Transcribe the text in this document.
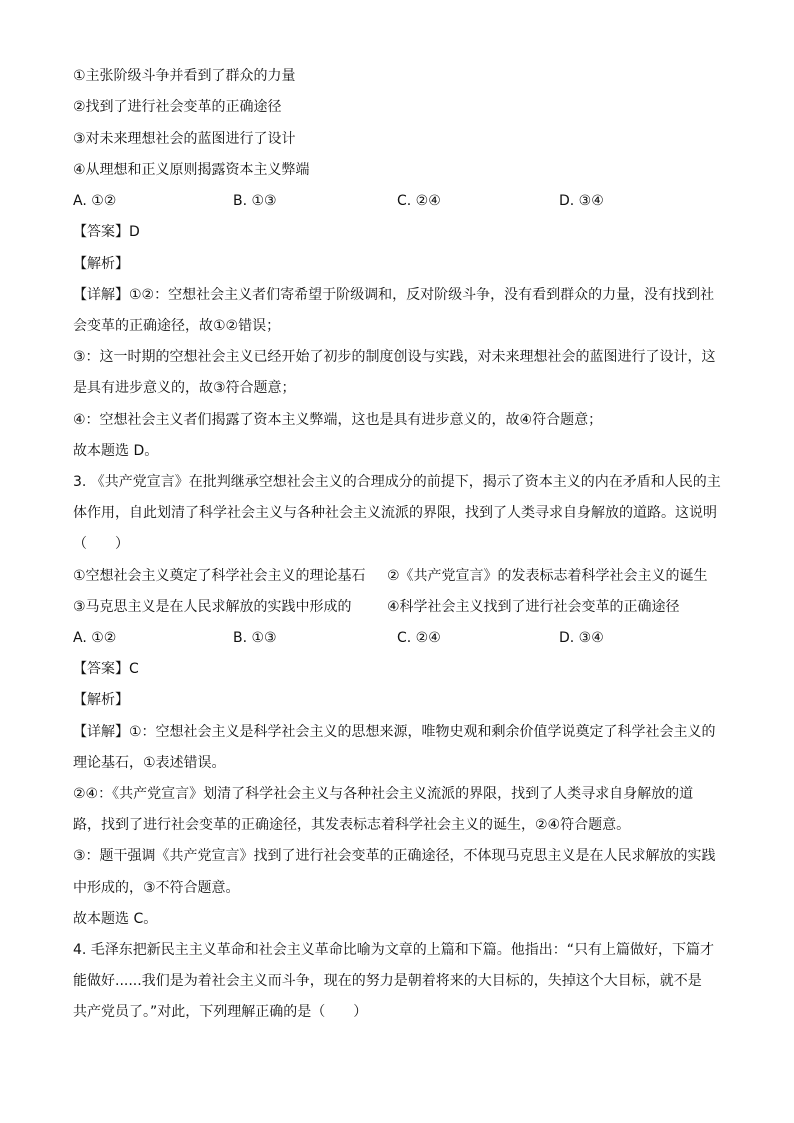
①主张阶级斗争并看到了群众的力量
②找到了进行社会变革的正确途径
③对未来理想社会的蓝图进行了设计
④从理想和正义原则揭露资本主义弊端
A. ①②	B. ①③	C. ②④	D. ③④
【答案】D
【解析】
【详解】①②：空想社会主义者们寄希望于阶级调和，反对阶级斗争，没有看到群众的力量，没有找到社
会变革的正确途径，故①②错误；
③：这一时期的空想社会主义已经开始了初步的制度创设与实践，对未来理想社会的蓝图进行了设计，这
是具有进步意义的，故③符合题意；
④：空想社会主义者们揭露了资本主义弊端，这也是具有进步意义的，故④符合题意；
故本题选 D。
3. 《共产党宣言》在批判继承空想社会主义的合理成分的前提下，揭示了资本主义的内在矛盾和人民的主
体作用，自此划清了科学社会主义与各种社会主义流派的界限，找到了人类寻求自身解放的道路。这说明
（　　）
①空想社会主义奠定了科学社会主义的理论基石 ②《共产党宣言》的发表标志着科学社会主义的诞生
③马克思主义是在人民求解放的实践中形成的	④科学社会主义找到了进行社会变革的正确途径
A. ①②	B. ①③	C. ②④	D. ③④
【答案】C
【解析】
【详解】①：空想社会主义是科学社会主义的思想来源，唯物史观和剩余价值学说奠定了科学社会主义的
理论基石，①表述错误。
②④：《共产党宣言》划清了科学社会主义与各种社会主义流派的界限，找到了人类寻求自身解放的道
路，找到了进行社会变革的正确途径，其发表标志着科学社会主义的诞生，②④符合题意。
③：题干强调《共产党宣言》找到了进行社会变革的正确途径，不体现马克思主义是在人民求解放的实践
中形成的，③不符合题意。
故本题选 C。
4. 毛泽东把新民主主义革命和社会主义革命比喻为文章的上篇和下篇。他指出：“只有上篇做好，下篇才
能做好......我们是为着社会主义而斗争，现在的努力是朝着将来的大目标的，失掉这个大目标，就不是
共产党员了。”对此，下列理解正确的是（　　）
